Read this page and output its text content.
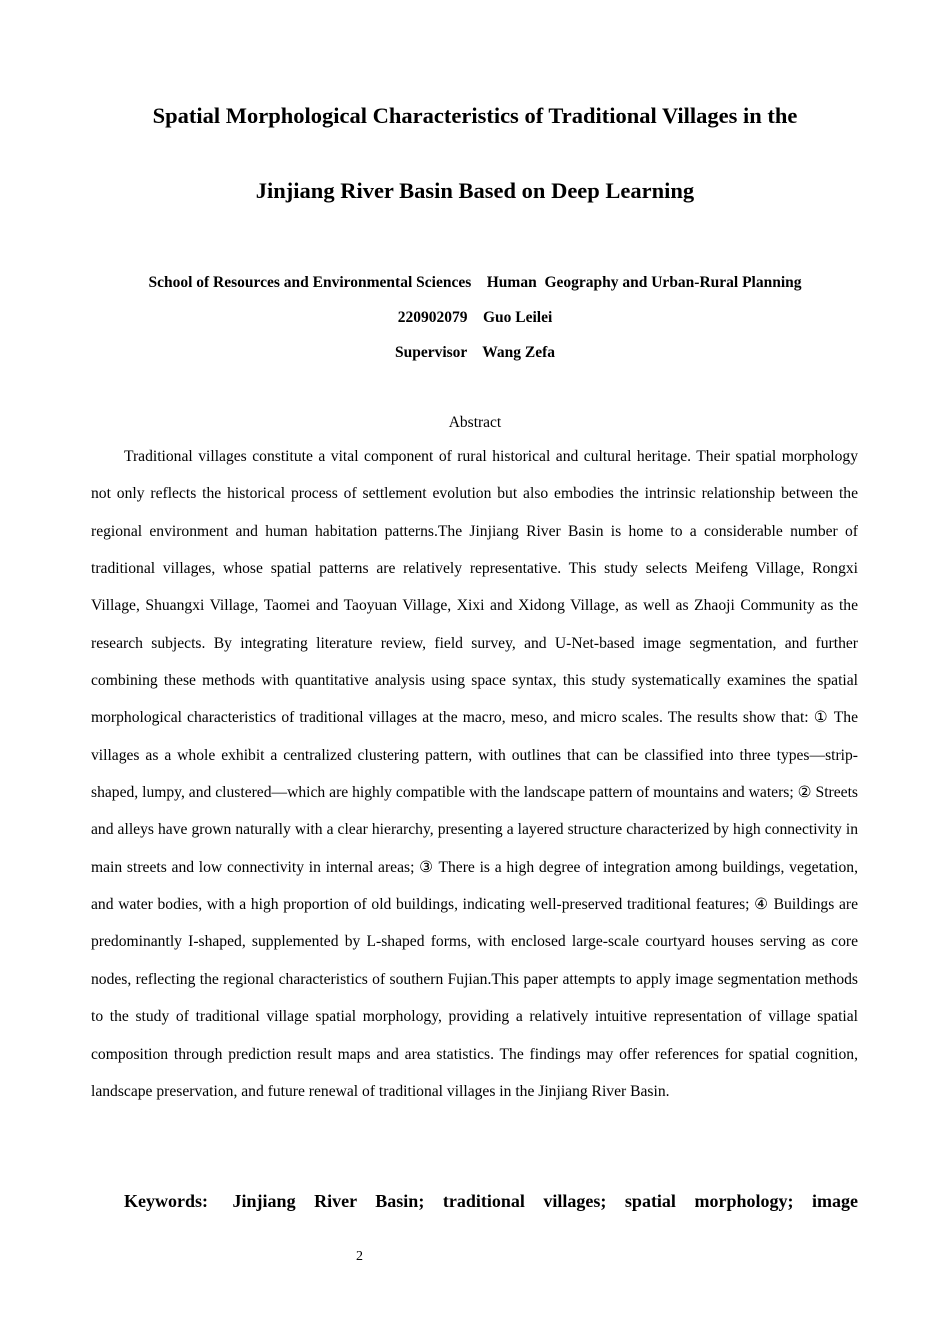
Spatial Morphological Characteristics of Traditional Villages in the
Jinjiang River Basin Based on Deep Learning
School of Resources and Environmental Sciences    Human  Geography and Urban-Rural Planning
220902079    Guo Leilei
Supervisor    Wang Zefa
Abstract

Traditional villages constitute a vital component of rural historical and cultural heritage. Their spatial morphology not only reflects the historical process of settlement evolution but also embodies the intrinsic relationship between the regional environment and human habitation patterns.The Jinjiang River Basin is home to a considerable number of traditional villages, whose spatial patterns are relatively representative. This study selects Meifeng Village, Rongxi Village, Shuangxi Village, Taomei and Taoyuan Village, Xixi and Xidong Village, as well as Zhaoji Community as the research subjects. By integrating literature review, field survey, and U-Net-based image segmentation, and further combining these methods with quantitative analysis using space syntax, this study systematically examines the spatial morphological characteristics of traditional villages at the macro, meso, and micro scales. The results show that: ① The villages as a whole exhibit a centralized clustering pattern, with outlines that can be classified into three types—strip-shaped, lumpy, and clustered—which are highly compatible with the landscape pattern of mountains and waters; ② Streets and alleys have grown naturally with a clear hierarchy, presenting a layered structure characterized by high connectivity in main streets and low connectivity in internal areas; ③ There is a high degree of integration among buildings, vegetation, and water bodies, with a high proportion of old buildings, indicating well-preserved traditional features; ④ Buildings are predominantly I-shaped, supplemented by L-shaped forms, with enclosed large-scale courtyard houses serving as core nodes, reflecting the regional characteristics of southern Fujian.This paper attempts to apply image segmentation methods to the study of traditional village spatial morphology, providing a relatively intuitive representation of village spatial composition through prediction result maps and area statistics. The findings may offer references for spatial cognition, landscape preservation, and future renewal of traditional villages in the Jinjiang River Basin.

Keywords: Jinjiang River Basin; traditional villages; spatial morphology; image
2
